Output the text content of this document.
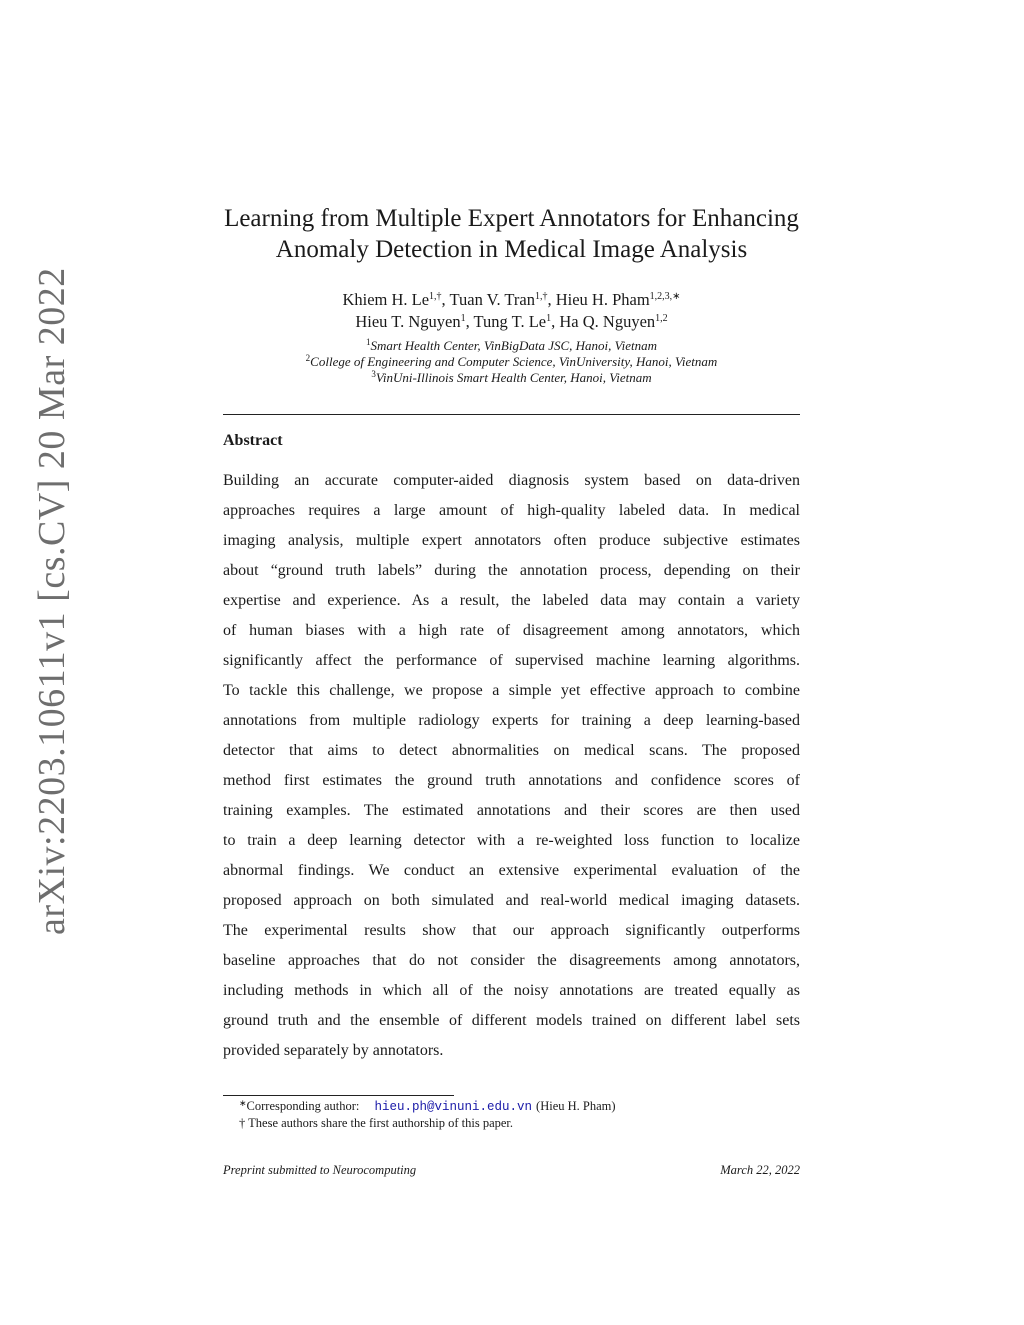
arXiv:2203.10611v1 [cs.CV] 20 Mar 2022
Learning from Multiple Expert Annotators for Enhancing
Anomaly Detection in Medical Image Analysis
Khiem H. $Le^{1,\dagger}$, Tuan V. Tran$^{1,\dagger}$, Hieu H. Pham$^{1,2,3,∗}$
Hieu T. Nguyen$^1$, Tung T. Le$^1$, Ha Q. Nguyen$^{1,2}$
$^1$Smart Health Center, VinBigData JSC, Hanoi, Vietnam
$^2$College of Engineering and Computer Science, VinUniversity, Hanoi, Vietnam
$^3$VinUni-Illinois Smart Health Center, Hanoi, Vietnam
Abstract
Building an accurate computer-aided diagnosis system based on data-driven
approaches requires a large amount of high-quality labeled data. In medical
imaging analysis, multiple expert annotators often produce subjective estimates
about “ground truth labels” during the annotation process, depending on their
expertise and experience. As a result, the labeled data may contain a variety
of human biases with a high rate of disagreement among annotators, which
significantly affect the performance of supervised machine learning algorithms.
To tackle this challenge, we propose a simple yet effective approach to combine
annotations from multiple radiology experts for training a deep learning-based
detector that aims to detect abnormalities on medical scans. The proposed
method first estimates the ground truth annotations and confidence scores of
training examples. The estimated annotations and their scores are then used
to train a deep learning detector with a re-weighted loss function to localize
abnormal findings. We conduct an extensive experimental evaluation of the
proposed approach on both simulated and real-world medical imaging datasets.
The experimental results show that our approach significantly outperforms
baseline approaches that do not consider the disagreements among annotators,
including methods in which all of the noisy annotations are treated equally as
ground truth and the ensemble of different models trained on different label sets
provided separately by annotators.
∗Corresponding author: hieu.ph@vinuni.edu.vn (Hieu H. Pham)
† These authors share the first authorship of this paper.
Preprint submitted to Neurocomputing	March 22, 2022
